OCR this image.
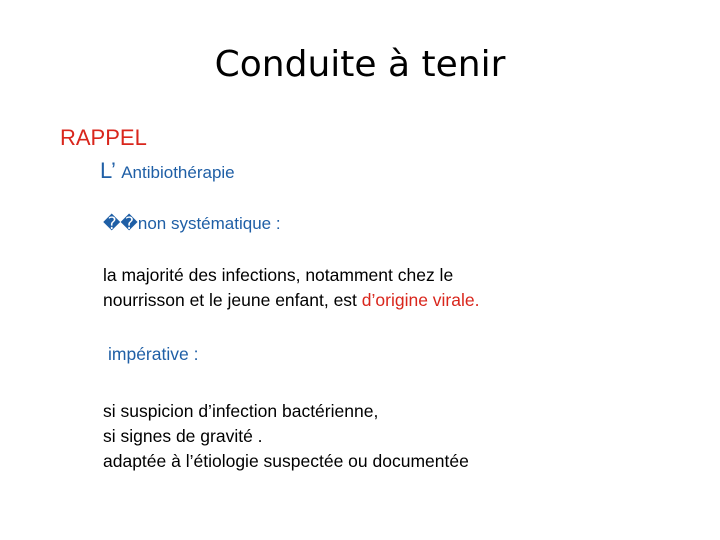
Conduite à tenir
RAPPEL
L’ Antibiothérapie
��non systématique :
la majorité des infections, notamment chez le
nourrisson et le jeune enfant, est d’origine virale.
impérative :
si suspicion d’infection bactérienne,
si signes de gravité .
adaptée à l’étiologie suspectée ou documentée
